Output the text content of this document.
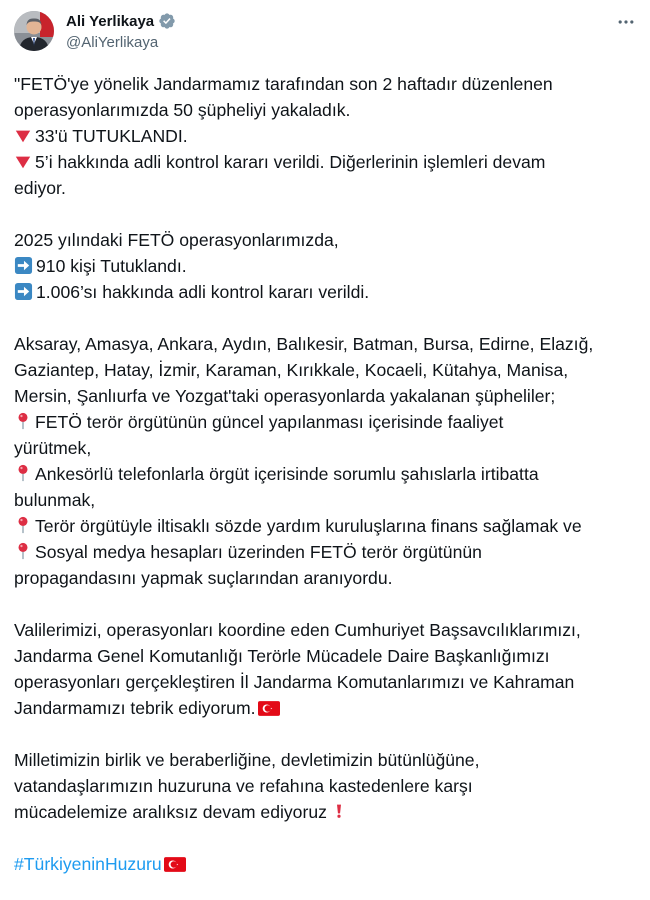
Ali Yerlikaya
@AliYerlikaya
"FETÖ'ye yönelik Jandarmamız tarafından son 2 haftadır düzenlenen
operasyonlarımızda 50 şüpheliyi yakaladık.
33'ü TUTUKLANDI.
5’i hakkında adli kontrol kararı verildi. Diğerlerinin işlemleri devam
ediyor.
2025 yılındaki FETÖ operasyonlarımızda,
910 kişi Tutuklandı.
1.006’sı hakkında adli kontrol kararı verildi.
Aksaray, Amasya, Ankara, Aydın, Balıkesir, Batman, Bursa, Edirne, Elazığ,
Gaziantep, Hatay, İzmir, Karaman, Kırıkkale, Kocaeli, Kütahya, Manisa,
Mersin, Şanlıurfa ve Yozgat'taki operasyonlarda yakalanan şüpheliler;
FETÖ terör örgütünün güncel yapılanması içerisinde faaliyet
yürütmek,
Ankesörlü telefonlarla örgüt içerisinde sorumlu şahıslarla irtibatta
bulunmak,
Terör örgütüyle iltisaklı sözde yardım kuruluşlarına finans sağlamak ve
Sosyal medya hesapları üzerinden FETÖ terör örgütünün
propagandasını yapmak suçlarından aranıyordu.
Valilerimizi, operasyonları koordine eden Cumhuriyet Başsavcılıklarımızı,
Jandarma Genel Komutanlığı Terörle Mücadele Daire Başkanlığımızı
operasyonları gerçekleştiren İl Jandarma Komutanlarımızı ve Kahraman
Jandarmamızı tebrik ediyorum.
Milletimizin birlik ve beraberliğine, devletimizin bütünlüğüne,
vatandaşlarımızın huzuruna ve refahına kastedenlere karşı
mücadelemize aralıksız devam ediyoruz
#TürkiyeninHuzuru
